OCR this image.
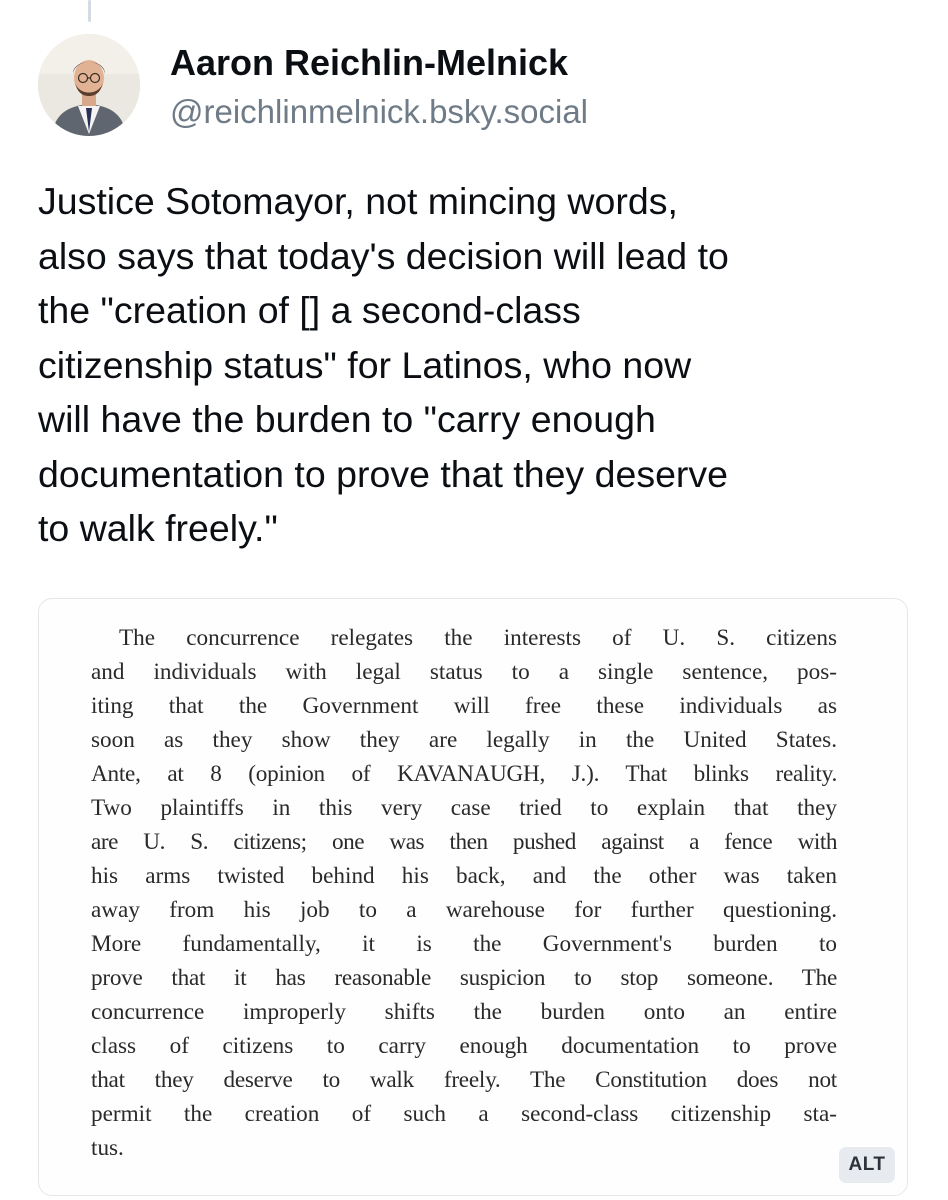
Aaron Reichlin-Melnick
@reichlinmelnick.bsky.social
Justice Sotomayor, not mincing words,
also says that today's decision will lead to
the "creation of [] a second-class
citizenship status" for Latinos, who now
will have the burden to "carry enough
documentation to prove that they deserve
to walk freely."
The concurrence relegates the interests of U. S. citizens
and individuals with legal status to a single sentence, pos-
iting that the Government will free these individuals as
soon as they show they are legally in the United States.
Ante, at 8 (opinion of KAVANAUGH, J.). That blinks reality.
Two plaintiffs in this very case tried to explain that they
are U. S. citizens; one was then pushed against a fence with
his arms twisted behind his back, and the other was taken
away from his job to a warehouse for further questioning.
More fundamentally, it is the Government's burden to
prove that it has reasonable suspicion to stop someone. The
concurrence improperly shifts the burden onto an entire
class of citizens to carry enough documentation to prove
that they deserve to walk freely. The Constitution does not
permit the creation of such a second-class citizenship sta-
tus.
ALT
